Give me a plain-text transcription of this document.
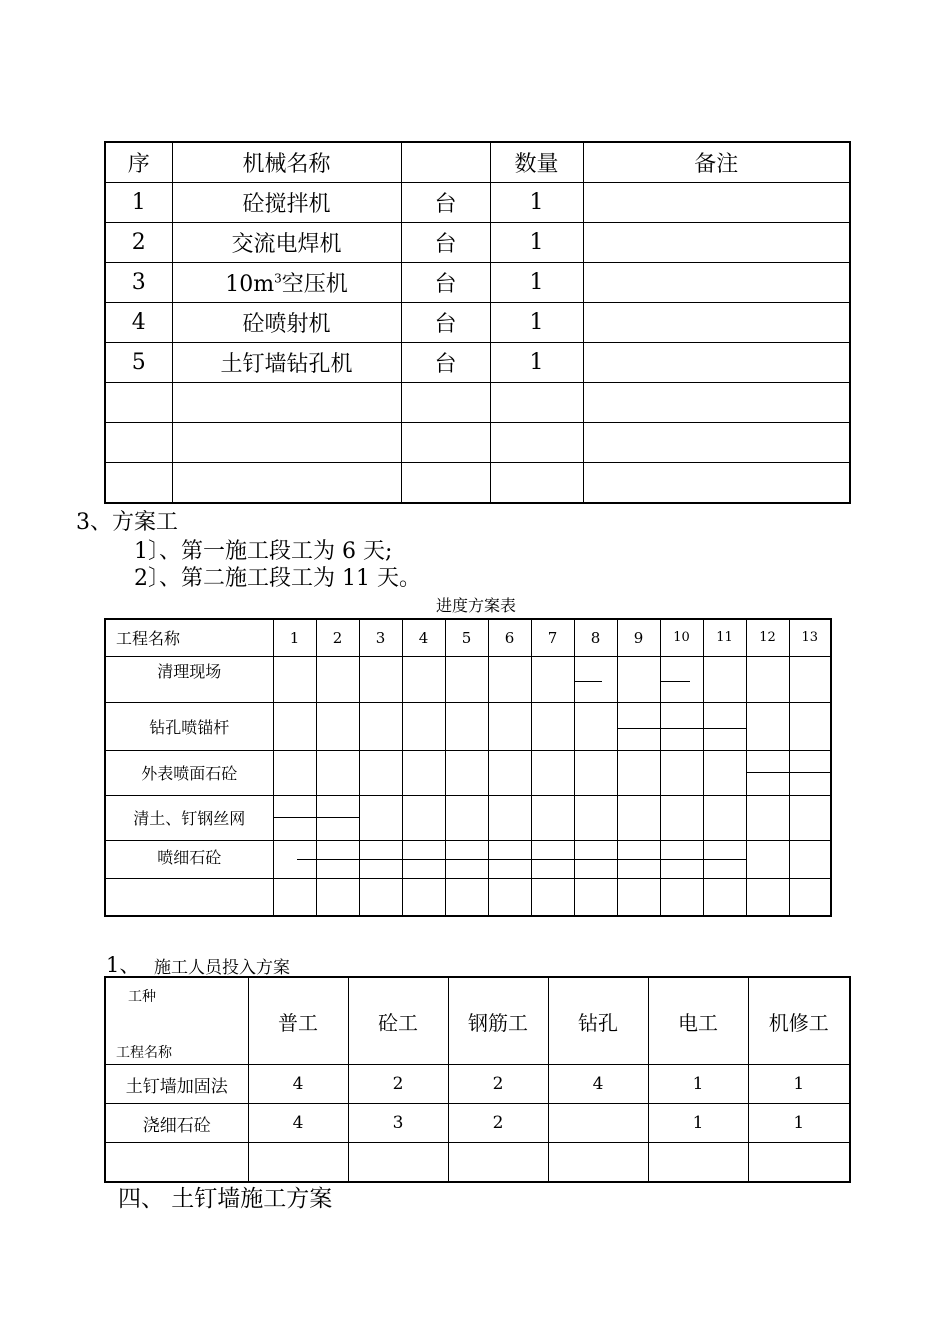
序	机械名称		数量	备注
1	砼搅拌机	台	1	
2	交流电焊机	台	1	
3	$10m^3$空压机	台	1	
4	砼喷射机	台	1	
5	土钉墙钻孔机	台	1	

3、方案工
1〕、第一施工段工为 6 天;
2〕、第二施工段工为 11 天。
进度方案表
工程名称	1	2	3	4	5	6	7	8	9	10	11	12	13
清理现场								

钻孔喷锚杆									

外表喷面石砼												

清土、钉钢丝网	

喷细石砼	

1、 施工人员投入方案
工种
工程名称	普工	砼工	钢筋工	钻孔	电工	机修工
土钉墙加固法	4	2	2	4	1	1
浇细石砼	4	3	2		1	1

四、 土钉墙施工方案
